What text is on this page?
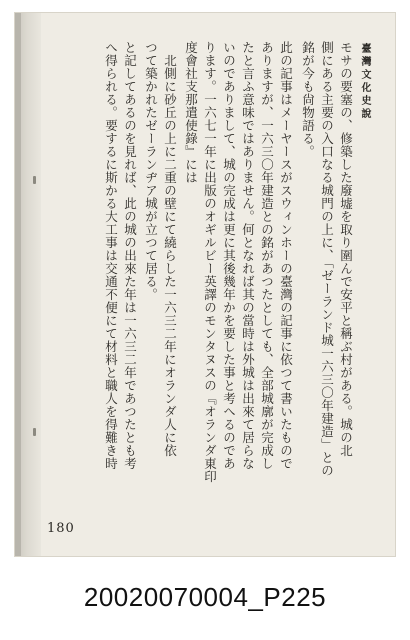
臺灣文化史說
モサの要塞の、修築した廢墟を取り圍んで安平と稱ぶ村がある。城の北
側にある主要の入口なる城門の上に、「ゼーランド城一六三〇年建造」との
銘が今も尙物語る。
此の記事はメーヤースがスウィンホーの臺灣の記事に依つて書いたもので
ありますが、一六三〇年建造との銘があつたとしても、全部城廓が完成し
たと言ふ意味ではありません。何となれば其の當時は外城は出來て居らな
いのでありまして、城の完成は更に其後幾年かを要した事と考へるのであ
ります。一六七一年に出版のオギルビー英譯のモンタヌスの『オランダ東印
度會社支那遣使錄』には
　北側に砂丘の上に二重の壁にて繞らした一六三二年にオランダ人に依
つて築かれたゼーランヂア城が立つて居る。
と記してあるのを見れば、此の城の出來た年は一六三二年であつたとも考
へ得られる。要するに斯かる大工事は交通不便にて材料と職人を得難き時
180
20020070004_P225
